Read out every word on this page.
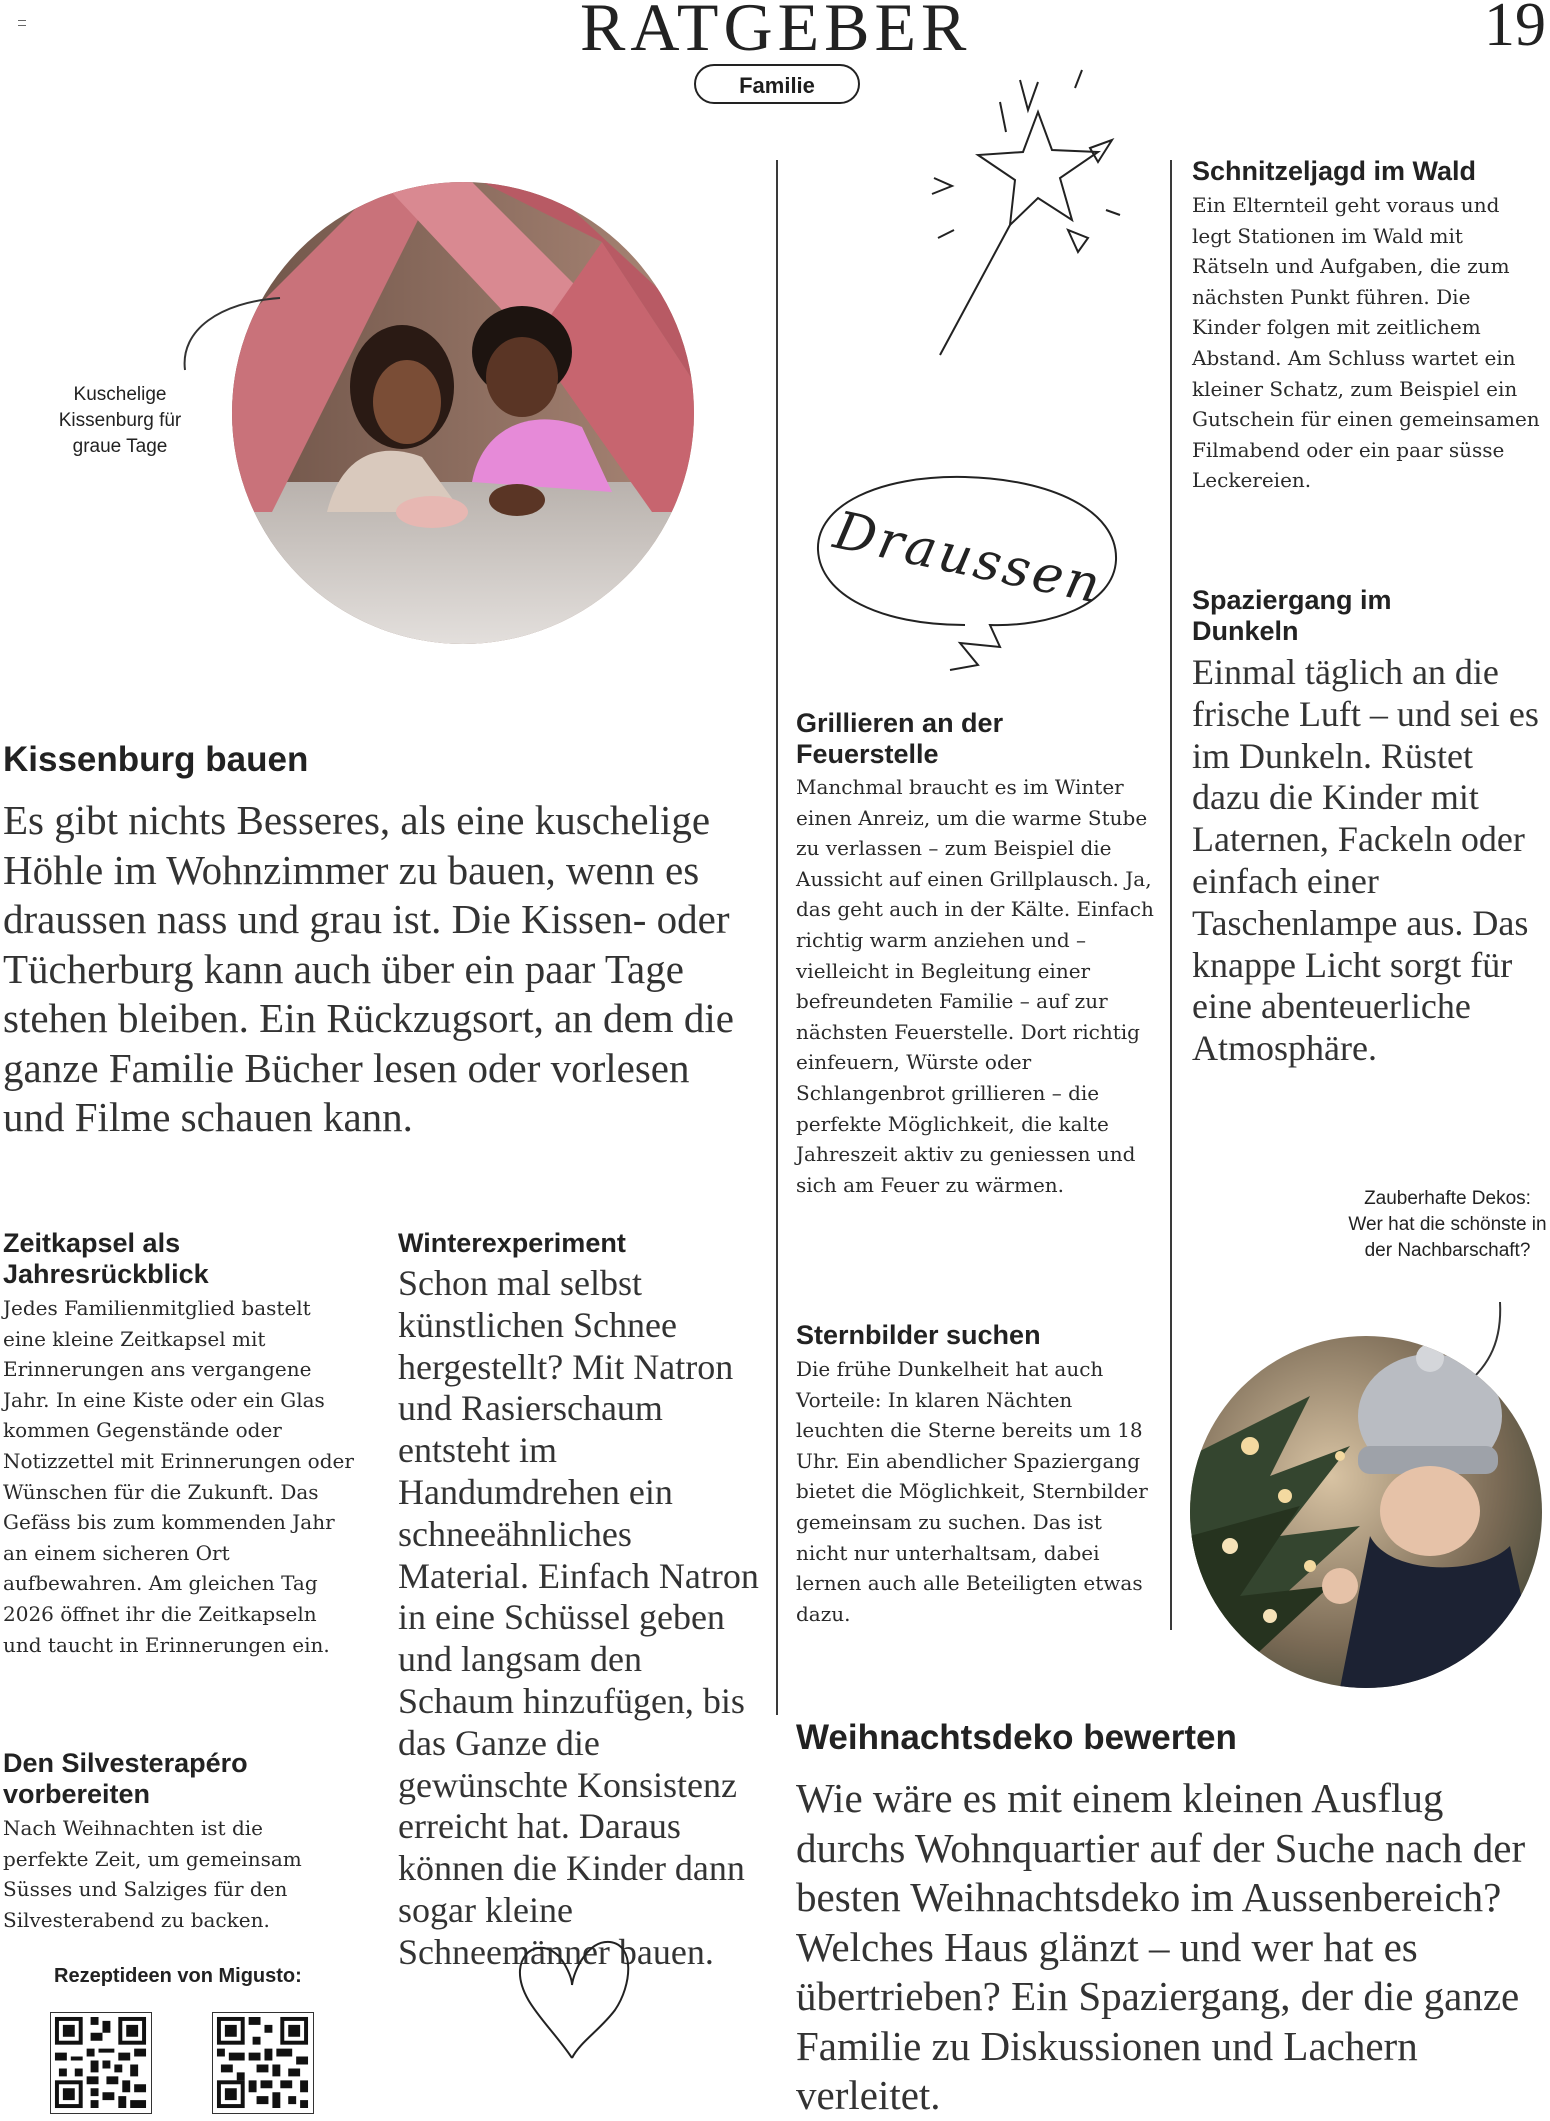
RATGEBER	19
Familie
Kuschelige Kissenburg für graue Tage
Kissenburg bauen
Es gibt nichts Besseres, als eine kuschelige Höhle im Wohnzimmer zu bauen, wenn es draussen nass und grau ist. Die Kissen- oder Tücherburg kann auch über ein paar Tage stehen bleiben. Ein Rückzugsort, an dem die ganze Familie Bücher lesen oder vorlesen und Filme schauen kann.
Zeitkapsel als Jahresrückblick
Jedes Familienmitglied bastelt eine kleine Zeitkapsel mit Erinnerungen ans vergangene Jahr. In eine Kiste oder ein Glas kommen Gegenstände oder Notizzettel mit Erinnerungen oder Wünschen für die Zukunft. Das Gefäss bis zum kommenden Jahr an einem sicheren Ort aufbewahren. Am gleichen Tag 2026 öffnet ihr die Zeitkapseln und taucht in Erinnerungen ein.
Den Silvesterapéro vorbereiten
Nach Weihnachten ist die perfekte Zeit, um gemeinsam Süsses und Salziges für den Silvesterabend zu backen.
Rezeptideen von Migusto:
Winterexperiment
Schon mal selbst künstlichen Schnee hergestellt? Mit Natron und Rasierschaum entsteht im Handumdrehen ein schneeähnliches Material. Einfach Natron in eine Schüssel geben und langsam den Schaum hinzufügen, bis das Ganze die gewünschte Konsistenz erreicht hat. Daraus können die Kinder dann sogar kleine Schneemänner bauen.
Draussen
Grillieren an der Feuerstelle
Manchmal braucht es im Winter einen Anreiz, um die warme Stube zu verlassen – zum Beispiel die Aussicht auf einen Grillplausch. Ja, das geht auch in der Kälte. Einfach richtig warm anziehen und – vielleicht in Begleitung einer befreundeten Familie – auf zur nächsten Feuerstelle. Dort richtig einfeuern, Würste oder Schlangenbrot grillieren – die perfekte Möglichkeit, die kalte Jahreszeit aktiv zu geniessen und sich am Feuer zu wärmen.
Sternbilder suchen
Die frühe Dunkelheit hat auch Vorteile: In klaren Nächten leuchten die Sterne bereits um 18 Uhr. Ein abendlicher Spaziergang bietet die Möglichkeit, Sternbilder gemeinsam zu suchen. Das ist nicht nur unterhaltsam, dabei lernen auch alle Beteiligten etwas dazu.
Schnitzeljagd im Wald
Ein Elternteil geht voraus und legt Stationen im Wald mit Rätseln und Aufgaben, die zum nächsten Punkt führen. Die Kinder folgen mit zeitlichem Abstand. Am Schluss wartet ein kleiner Schatz, zum Beispiel ein Gutschein für einen gemeinsamen Filmabend oder ein paar süsse Leckereien.
Spaziergang im Dunkeln
Einmal täglich an die frische Luft – und sei es im Dunkeln. Rüstet dazu die Kinder mit Laternen, Fackeln oder einfach einer Taschenlampe aus. Das knappe Licht sorgt für eine abenteuerliche Atmosphäre.
Zauberhafte Dekos: Wer hat die schönste in der Nachbarschaft?
Weihnachtsdeko bewerten
Wie wäre es mit einem kleinen Ausflug durchs Wohnquartier auf der Suche nach der besten Weihnachtsdeko im Aussenbereich? Welches Haus glänzt – und wer hat es übertrieben? Ein Spaziergang, der die ganze Familie zu Diskussionen und Lachern verleitet.
